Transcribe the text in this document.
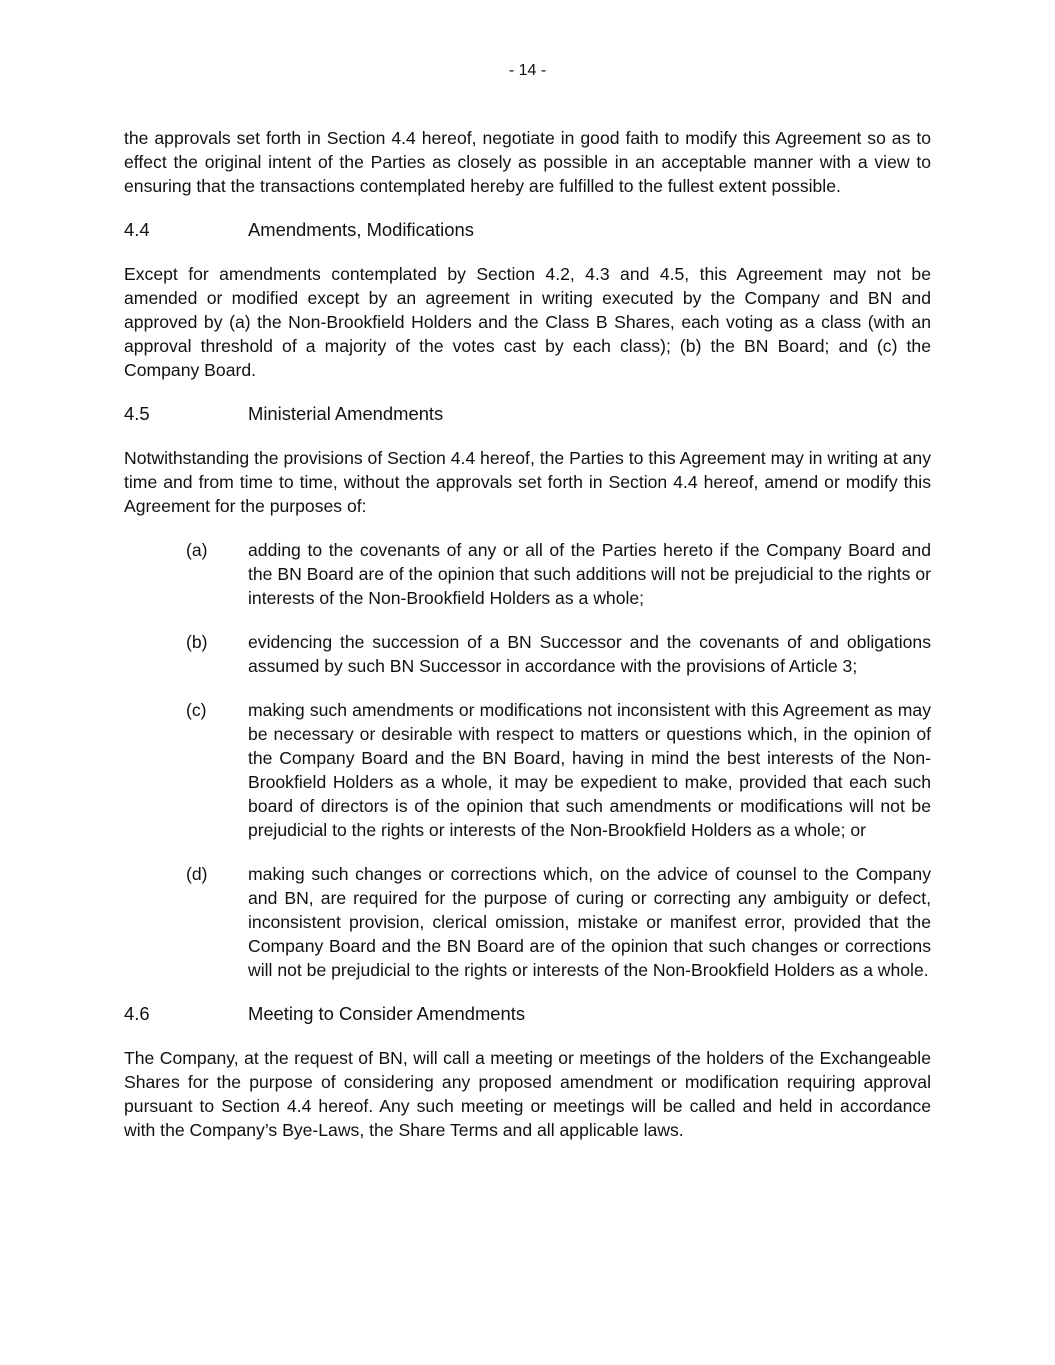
- 14 -

the approvals set forth in Section 4.4 hereof, negotiate in good faith to modify this Agreement so as to effect the original intent of the Parties as closely as possible in an acceptable manner with a view to ensuring that the transactions contemplated hereby are fulfilled to the fullest extent possible.

4.4	Amendments, Modifications

Except for amendments contemplated by Section 4.2, 4.3 and 4.5, this Agreement may not be amended or modified except by an agreement in writing executed by the Company and BN and approved by (a) the Non-Brookfield Holders and the Class B Shares, each voting as a class (with an approval threshold of a majority of the votes cast by each class); (b) the BN Board; and (c) the Company Board.

4.5	Ministerial Amendments

Notwithstanding the provisions of Section 4.4 hereof, the Parties to this Agreement may in writing at any time and from time to time, without the approvals set forth in Section 4.4 hereof, amend or modify this Agreement for the purposes of:

(a)	adding to the covenants of any or all of the Parties hereto if the Company Board and the BN Board are of the opinion that such additions will not be prejudicial to the rights or interests of the Non-Brookfield Holders as a whole;
(b)	evidencing the succession of a BN Successor and the covenants of and obligations assumed by such BN Successor in accordance with the provisions of Article 3;
(c)	making such amendments or modifications not inconsistent with this Agreement as may be necessary or desirable with respect to matters or questions which, in the opinion of the Company Board and the BN Board, having in mind the best interests of the Non-Brookfield Holders as a whole, it may be expedient to make, provided that each such board of directors is of the opinion that such amendments or modifications will not be prejudicial to the rights or interests of the Non-Brookfield Holders as a whole; or
(d)	making such changes or corrections which, on the advice of counsel to the Company and BN, are required for the purpose of curing or correcting any ambiguity or defect, inconsistent provision, clerical omission, mistake or manifest error, provided that the Company Board and the BN Board are of the opinion that such changes or corrections will not be prejudicial to the rights or interests of the Non-Brookfield Holders as a whole.
4.6	Meeting to Consider Amendments

The Company, at the request of BN, will call a meeting or meetings of the holders of the Exchangeable Shares for the purpose of considering any proposed amendment or modification requiring approval pursuant to Section 4.4 hereof. Any such meeting or meetings will be called and held in accordance with the Company’s Bye-Laws, the Share Terms and all applicable laws.
